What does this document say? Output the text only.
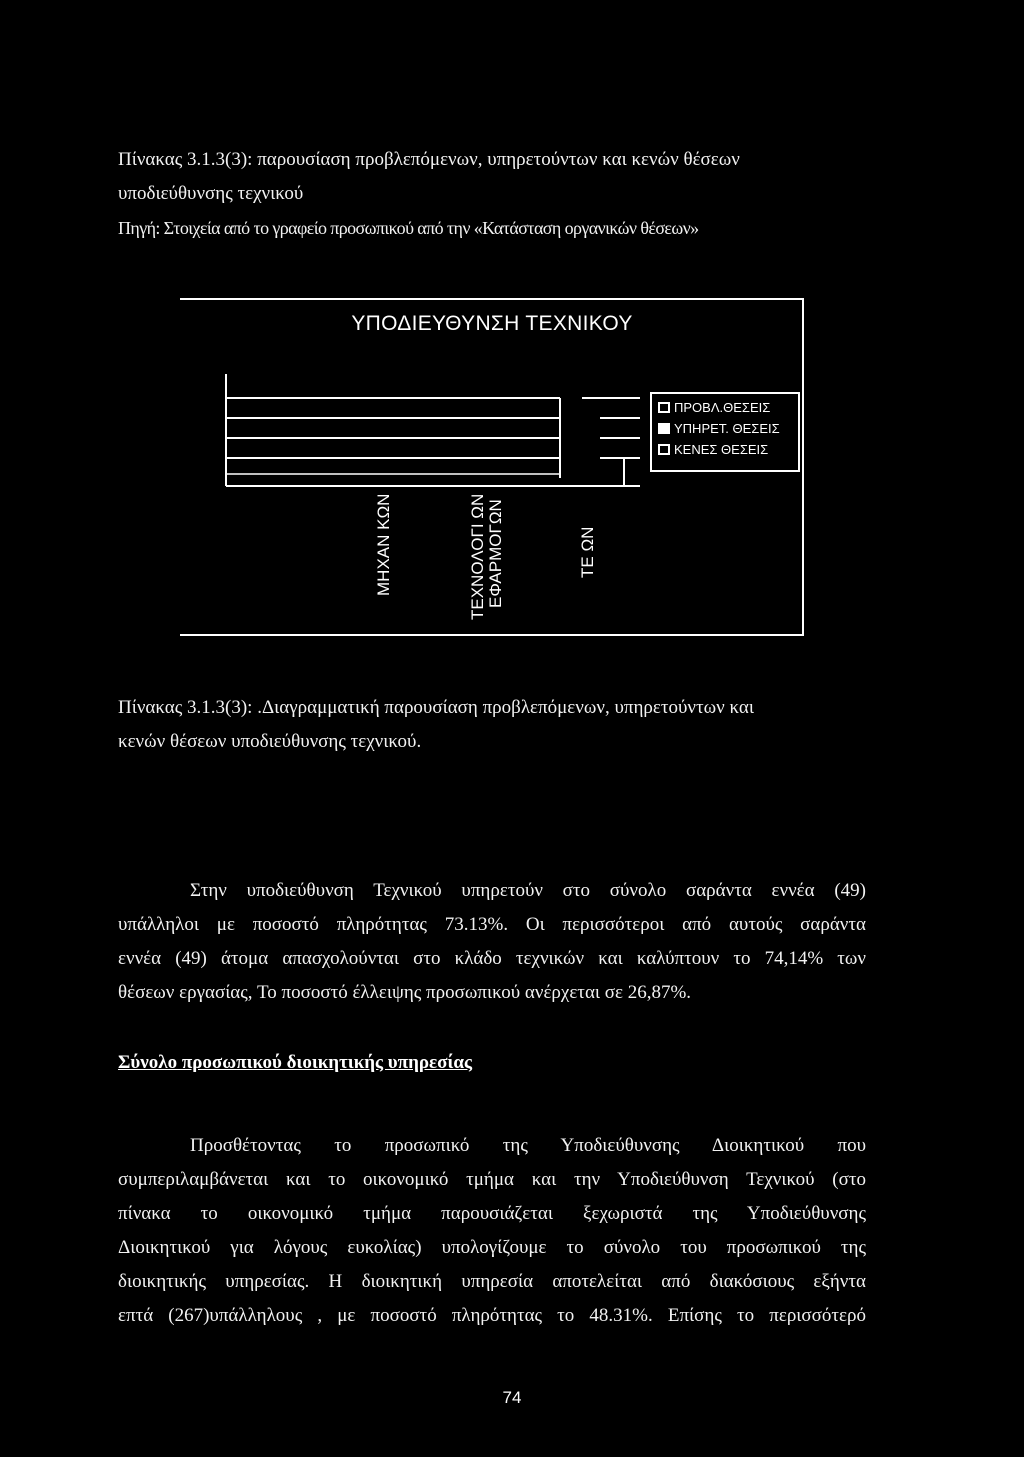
Πίνακας 3.1.3(3): παρουσίαση προβλεπόμενων, υπηρετούντων και κενών θέσεων
υποδιεύθυνσης τεχνικού
Πηγή: Στοιχεία από το γραφείο προσωπικού από την «Κατάσταση οργανικών θέσεων»
ΥΠΟΔΙΕΥΘΥΝΣΗ ΤΕΧΝΙΚΟΥ
ΠΡΟΒΛ.ΘΕΣΕΙΣ
ΥΠΗΡΕΤ. ΘΕΣΕΙΣ
ΚΕΝΕΣ ΘΕΣΕΙΣ
ΜΗΧΑΝ ΚΩΝ	ΤΕΧΝΟΛΟΓΙ ΩΝ ΕΦΑΡΜΟΓΩΝ	ΤΕ ΩΝ
Πίνακας 3.1.3(3): .Διαγραμματική παρουσίαση προβλεπόμενων, υπηρετούντων και
κενών θέσεων υποδιεύθυνσης τεχνικού.
Στην υποδιεύθυνση Τεχνικού υπηρετούν στο σύνολο σαράντα εννέα (49)
υπάλληλοι με ποσοστό πληρότητας 73.13%. Οι περισσότεροι από αυτούς σαράντα
εννέα (49) άτομα απασχολούνται στο κλάδο τεχνικών και καλύπτουν το 74,14% των
θέσεων εργασίας, Το ποσοστό έλλειψης προσωπικού ανέρχεται σε 26,87%.
Σύνολο προσωπικού διοικητικής υπηρεσίας
Προσθέτοντας το προσωπικό της Υποδιεύθυνσης Διοικητικού που
συμπεριλαμβάνεται και το οικονομικό τμήμα και την Υποδιεύθυνση Τεχνικού (στο
πίνακα το οικονομικό τμήμα παρουσιάζεται ξεχωριστά της Υποδιεύθυνσης
Διοικητικού για λόγους ευκολίας) υπολογίζουμε το σύνολο του προσωπικού της
διοικητικής υπηρεσίας. Η διοικητική υπηρεσία αποτελείται από διακόσιους εξήντα
επτά (267)υπάλληλους , με ποσοστό πληρότητας το 48.31%. Επίσης το περισσότερό
74
